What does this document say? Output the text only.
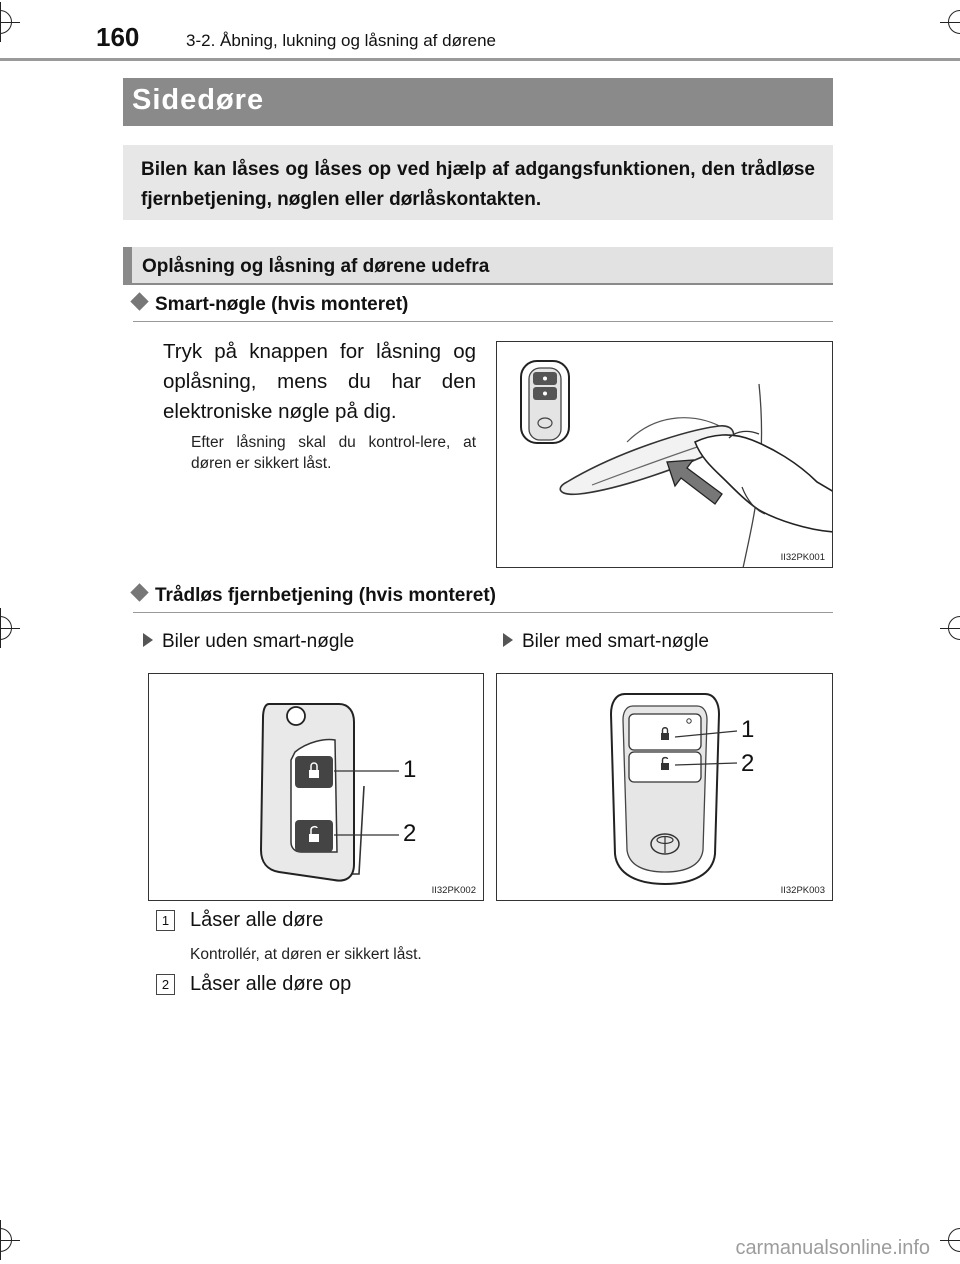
160	3-2. Åbning, lukning og låsning af dørene
Sidedøre
Bilen kan låses og låses op ved hjælp af adgangsfunktionen, den trådløse fjernbetjening, nøglen eller dørlåskontakten.
Oplåsning og låsning af dørene udefra
Smart-nøgle (hvis monteret)
Tryk på knappen for låsning og oplåsning, mens du har den elektroniske nøgle på dig.
Efter låsning skal du kontrol-lere, at døren er sikkert låst.
II32PK001
Trådløs fjernbetjening (hvis monteret)
Biler uden smart-nøgle	Biler med smart-nøgle
1
2
II32PK002
1
2
II32PK003
1 Låser alle døre
Kontrollér, at døren er sikkert låst.
2 Låser alle døre op
carmanualsonline.info
